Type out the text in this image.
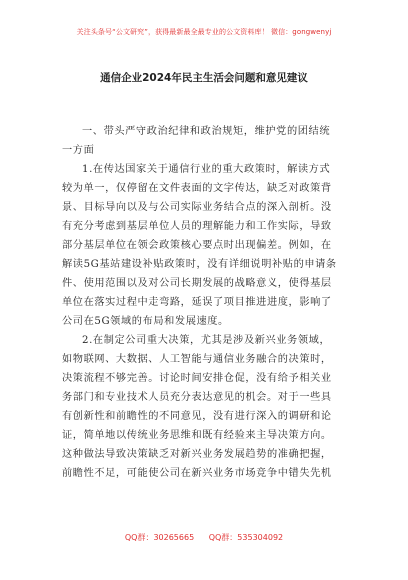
关注头条号“公文研究”，获得最新最全最专业的公文资料库！ 微信：gongwenyj
通信企业2024年民主生活会问题和意见建议
一、带头严守政治纪律和政治规矩，维护党的团结统
一方面
1.在传达国家关于通信行业的重大政策时，解读方式
较为单一，仅停留在文件表面的文字传达，缺乏对政策背
景、目标导向以及与公司实际业务结合点的深入剖析。没
有充分考虑到基层单位人员的理解能力和工作实际，导致
部分基层单位在领会政策核心要点时出现偏差。例如，在
解读5G基站建设补贴政策时，没有详细说明补贴的申请条
件、使用范围以及对公司长期发展的战略意义，使得基层
单位在落实过程中走弯路，延误了项目推进进度，影响了
公司在5G领域的布局和发展速度。
2.在制定公司重大决策，尤其是涉及新兴业务领域，
如物联网、大数据、人工智能与通信业务融合的决策时，
决策流程不够完善。讨论时间安排仓促，没有给予相关业
务部门和专业技术人员充分表达意见的机会。对于一些具
有创新性和前瞻性的不同意见，没有进行深入的调研和论
证，简单地以传统业务思维和既有经验来主导决策方向。
这种做法导致决策缺乏对新兴业务发展趋势的准确把握，
前瞻性不足，可能使公司在新兴业务市场竞争中错失先机
QQ群：30265665 QQ群：535304092
